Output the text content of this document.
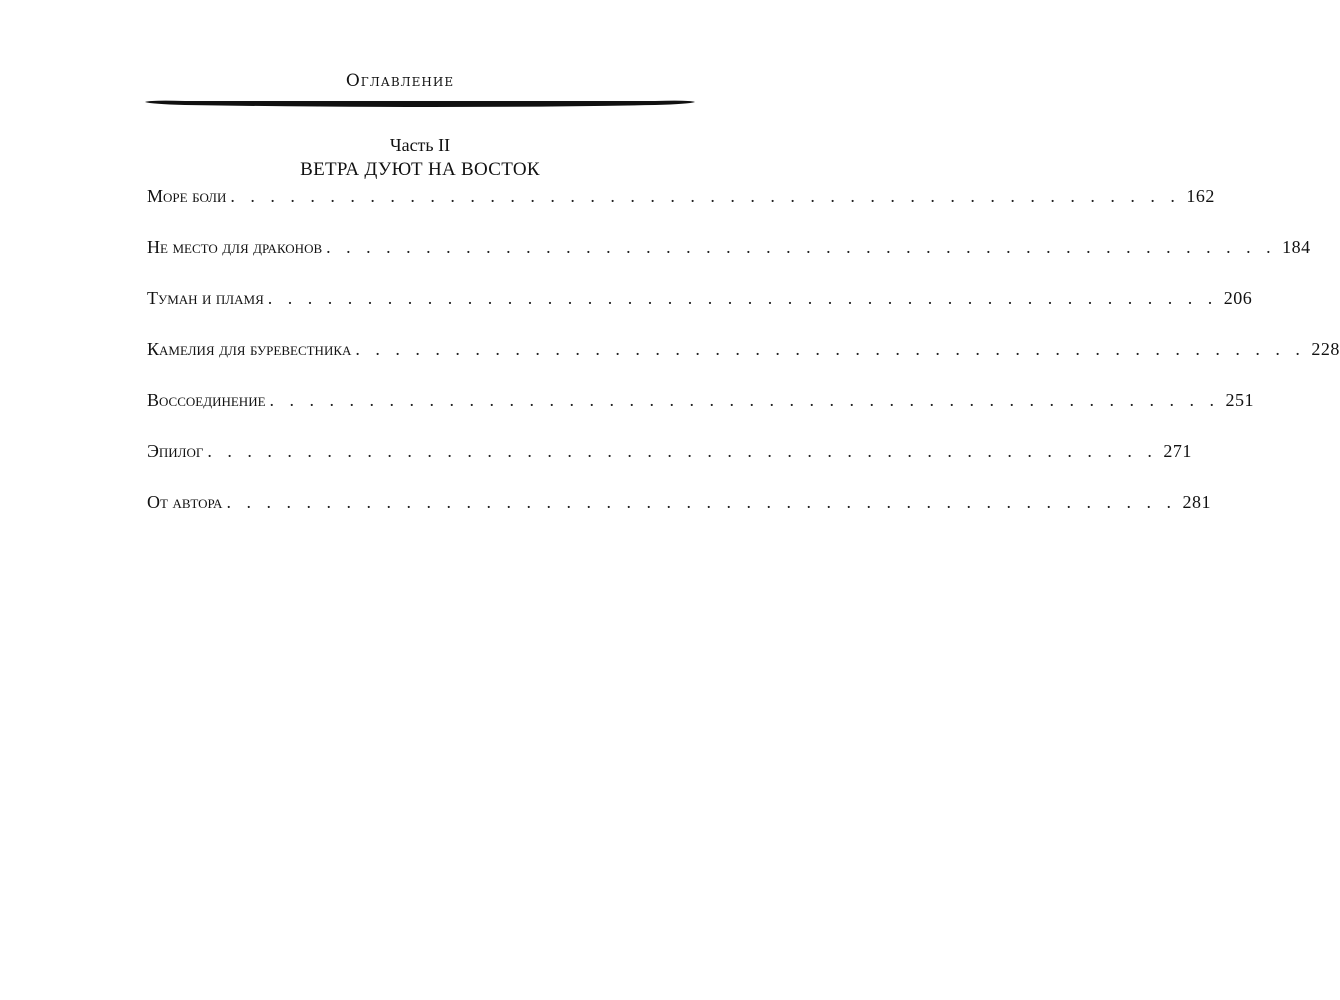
Оглавление
Часть II
ВЕТРА ДУЮТ НА ВОСТОК
Море боли . . . . . . . . . . . . . . . . . . . . . . . . . . . . . . . . . . . . . . . . . . . . . . . . 162
Не место для драконов . . . . . . . . . . . . . . . . . . . . . . . . . . . . . . . . . . . . . . . . . . . . . . . . 184
Туман и пламя . . . . . . . . . . . . . . . . . . . . . . . . . . . . . . . . . . . . . . . . . . . . . . . . 206
Камелия для буревестника . . . . . . . . . . . . . . . . . . . . . . . . . . . . . . . . . . . . . . . . . . . . . . . . 228
Воссоединение . . . . . . . . . . . . . . . . . . . . . . . . . . . . . . . . . . . . . . . . . . . . . . . . 251
Эпилог . . . . . . . . . . . . . . . . . . . . . . . . . . . . . . . . . . . . . . . . . . . . . . . . 271
От автора . . . . . . . . . . . . . . . . . . . . . . . . . . . . . . . . . . . . . . . . . . . . . . . . 281
